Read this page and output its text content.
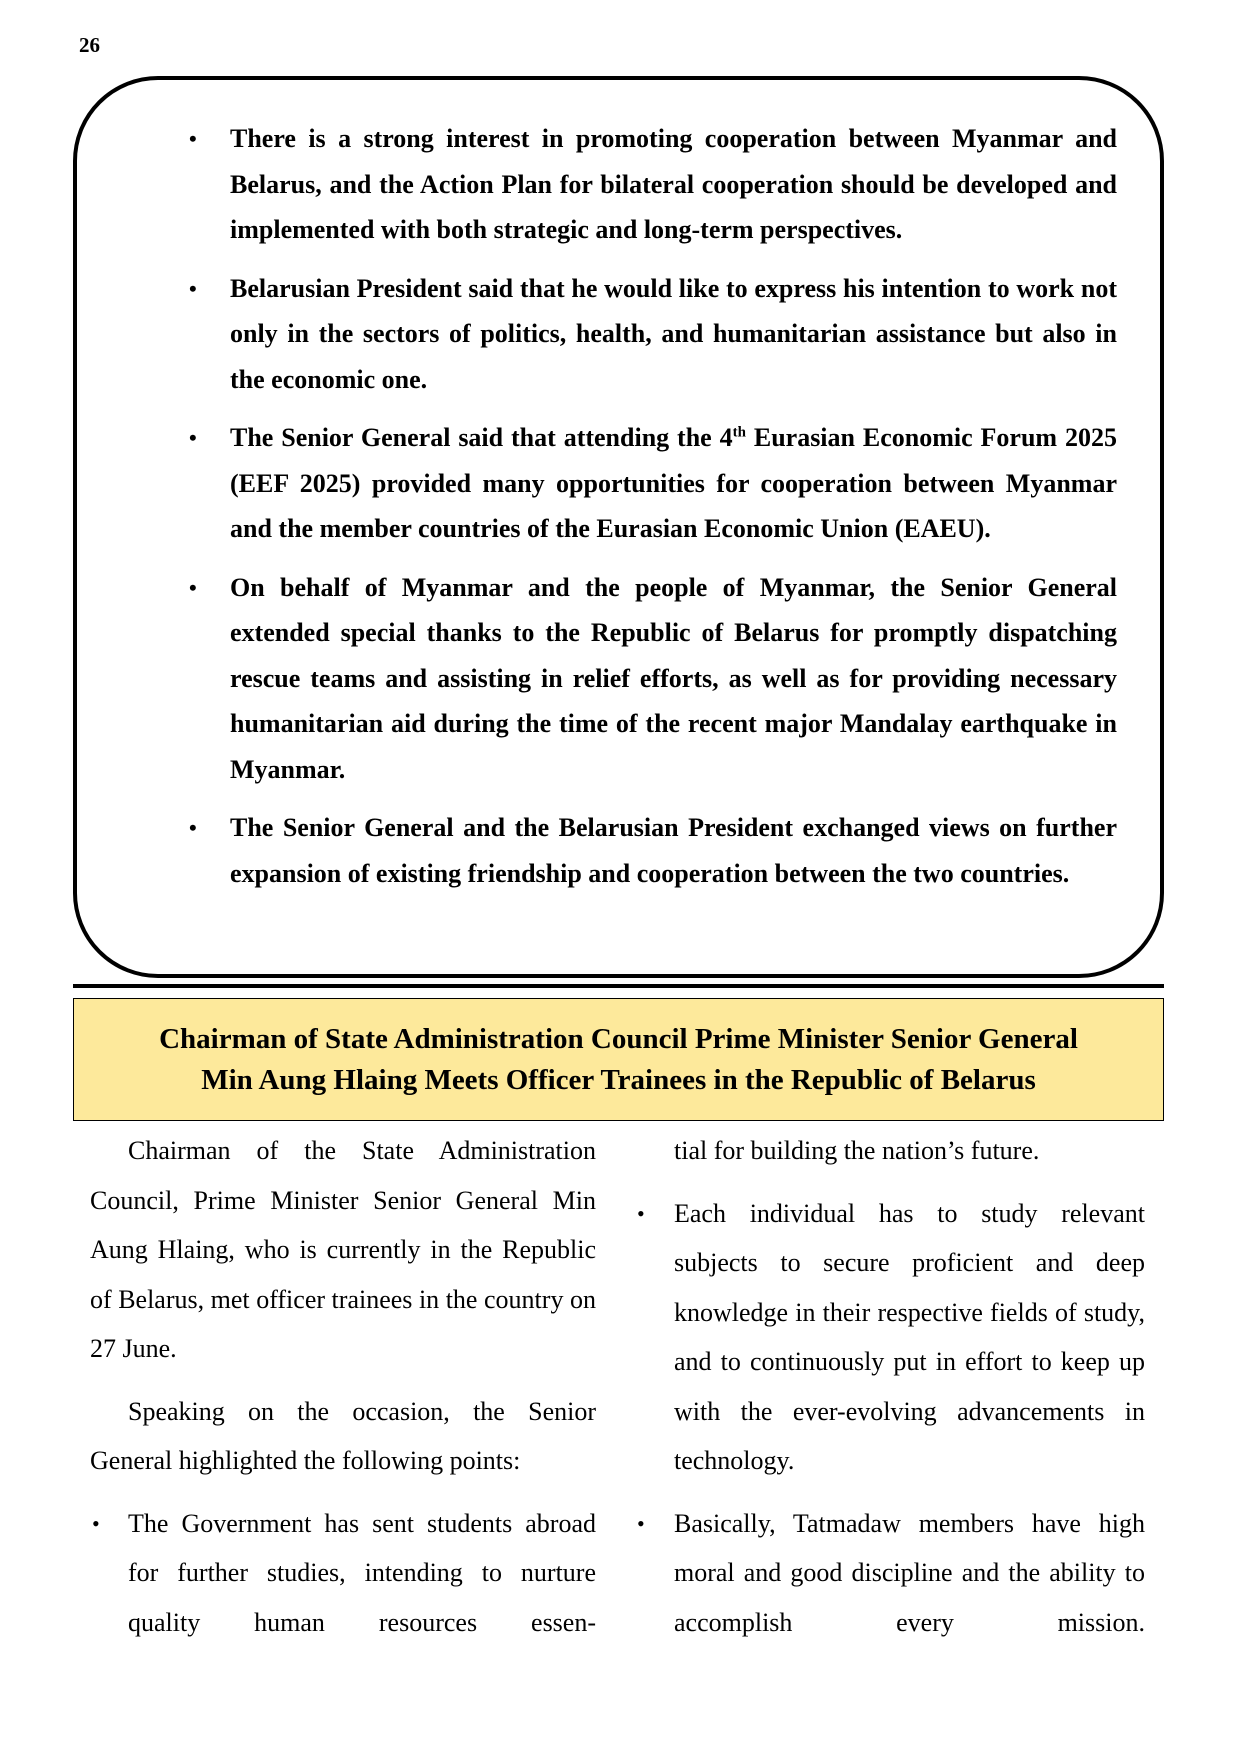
26
• There is a strong interest in promoting cooperation between Myanmar and Belarus, and the Action Plan for bilateral cooperation should be developed and implemented with both strategic and long-term perspectives.
• Belarusian President said that he would like to express his intention to work not only in the sectors of politics, health, and humanitarian assistance but also in the economic one.
• The Senior General said that attending the 4th Eurasian Economic Forum 2025 (EEF 2025) provided many opportunities for cooperation between Myanmar and the member countries of the Eurasian Economic Union (EAEU).
• On behalf of Myanmar and the people of Myanmar, the Senior General extended special thanks to the Republic of Belarus for promptly dispatching rescue teams and assisting in relief efforts, as well as for providing necessary humanitarian aid during the time of the recent major Mandalay earthquake in Myanmar.
• The Senior General and the Belarusian President exchanged views on further expansion of existing friendship and cooperation between the two countries.
Chairman of State Administration Council Prime Minister Senior General
Min Aung Hlaing Meets Officer Trainees in the Republic of Belarus

Chairman of the State Administration Council, Prime Minister Senior General Min Aung Hlaing, who is currently in the Republic of Belarus, met officer trainees in the country on 27 June.

Speaking on the occasion, the Senior General highlighted the following points:

• The Government has sent students abroad for further studies, intending to nurture quality human resources essen-

tial for building the nation’s future.

• Each individual has to study relevant subjects to secure proficient and deep knowledge in their respective fields of study, and to continuously put in effort to keep up with the ever-evolving advancements in technology.
• Basically, Tatmadaw members have high moral and good discipline and the ability to accomplish every mission.
